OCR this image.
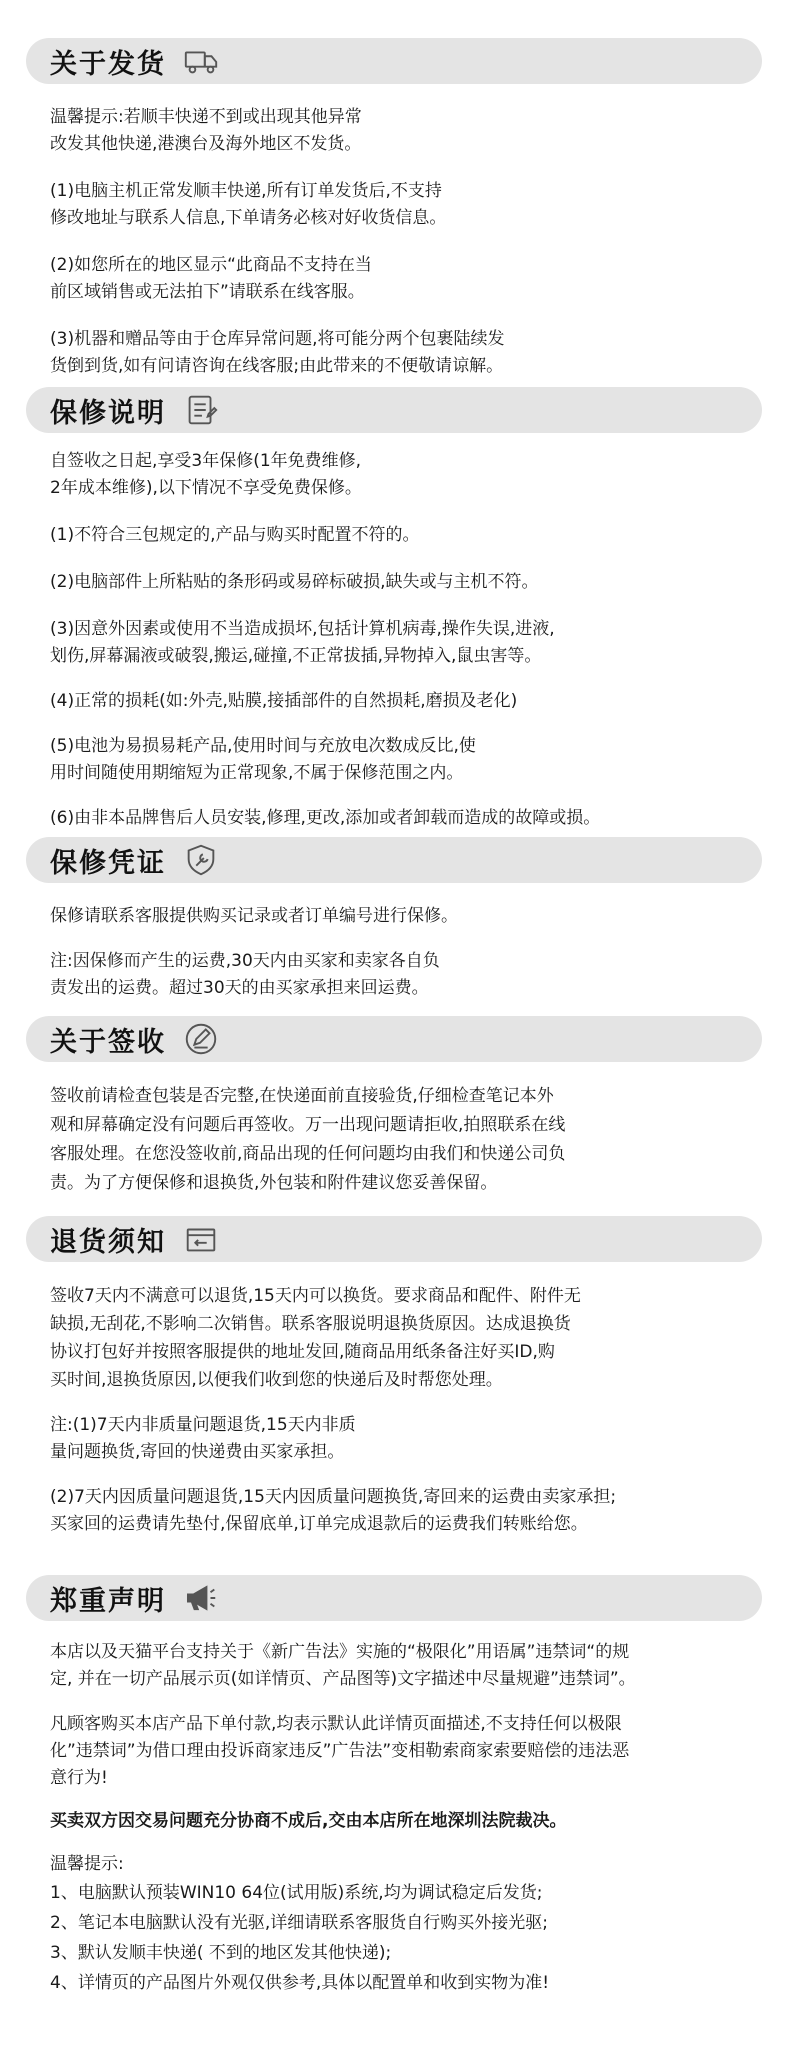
关于发货

温馨提示:若顺丰快递不到或出现其他异常
改发其他快递,港澳台及海外地区不发货。

(1)电脑主机正常发顺丰快递,所有订单发货后,不支持
修改地址与联系人信息,下单请务必核对好收货信息。

(2)如您所在的地区显示“此商品不支持在当
前区域销售或无法拍下”请联系在线客服。

(3)机器和赠品等由于仓库异常问题,将可能分两个包裹陆续发
货倒到货,如有问请咨询在线客服;由此带来的不便敬请谅解。

保修说明

自签收之日起,享受3年保修(1年免费维修,
2年成本维修),以下情况不享受免费保修。

(1)不符合三包规定的,产品与购买时配置不符的。

(2)电脑部件上所粘贴的条形码或易碎标破损,缺失或与主机不符。

(3)因意外因素或使用不当造成损坏,包括计算机病毒,操作失误,进液,
划伤,屏幕漏液或破裂,搬运,碰撞,不正常拔插,异物掉入,鼠虫害等。

(4)正常的损耗(如:外壳,贴膜,接插部件的自然损耗,磨损及老化)

(5)电池为易损易耗产品,使用时间与充放电次数成反比,使
用时间随使用期缩短为正常现象,不属于保修范围之内。

(6)由非本品牌售后人员安装,修理,更改,添加或者卸载而造成的故障或损。

保修凭证

保修请联系客服提供购买记录或者订单编号进行保修。

注:因保修而产生的运费,30天内由买家和卖家各自负
责发出的运费。超过30天的由买家承担来回运费。

关于签收

签收前请检查包装是否完整,在快递面前直接验货,仔细检查笔记本外
观和屏幕确定没有问题后再签收。万一出现问题请拒收,拍照联系在线
客服处理。在您没签收前,商品出现的任何问题均由我们和快递公司负
责。为了方便保修和退换货,外包装和附件建议您妥善保留。

退货须知

签收7天内不满意可以退货,15天内可以换货。要求商品和配件、附件无
缺损,无刮花,不影响二次销售。联系客服说明退换货原因。达成退换货
协议打包好并按照客服提供的地址发回,随商品用纸条备注好买ID,购
买时间,退换货原因,以便我们收到您的快递后及时帮您处理。

注:(1)7天内非质量问题退货,15天内非质
量问题换货,寄回的快递费由买家承担。

(2)7天内因质量问题退货,15天内因质量问题换货,寄回来的运费由卖家承担;
买家回的运费请先垫付,保留底单,订单完成退款后的运费我们转账给您。

郑重声明

本店以及天猫平台支持关于《新广告法》实施的“极限化”用语属”违禁词“的规
定, 并在一切产品展示页(如详情页、产品图等)文字描述中尽量规避”违禁词”。

凡顾客购买本店产品下单付款,均表示默认此详情页面描述,不支持任何以极限
化”违禁词”为借口理由投诉商家违反”广告法”变相勒索商家索要赔偿的违法恶
意行为!

买卖双方因交易问题充分协商不成后,交由本店所在地深圳法院裁决。

温馨提示:

1、电脑默认预装WIN10 64位(试用版)系统,均为调试稳定后发货;

2、笔记本电脑默认没有光驱,详细请联系客服货自行购买外接光驱;

3、默认发顺丰快递( 不到的地区发其他快递);

4、详情页的产品图片外观仅供参考,具体以配置单和收到实物为准!
